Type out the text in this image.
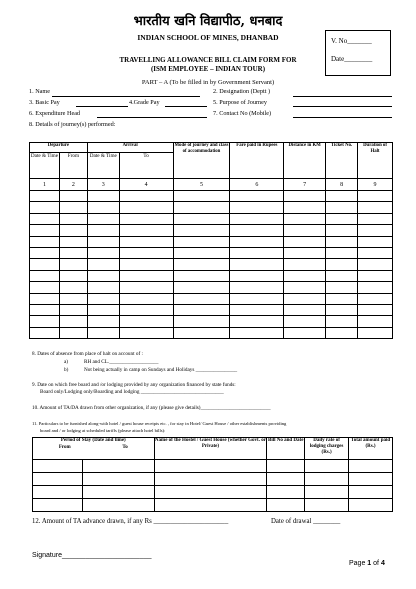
भारतीय खनि विद्यापीठ, धनबाद
INDIAN SCHOOL OF MINES, DHANBAD
TRAVELLING ALLOWANCE BILL CLAIM FORM FOR
(ISM EMPLOYEE – INDIAN TOUR)
V. No_______
Date________
PART – A (To be filled in by Government Servant)
1. Name	2. Designation (Deptt )
3. Basic Pay	4.Grade Pay	5. Purpose of Journey
6. Expenditure Head	7. Contact No (Mobile)
8. Details of journey(s) performed:
Departure		Arrival		Mode of journey and class of accommodation	Fare paid in Rupees	Distance in KM	Ticket No.	Duration of Halt
Date & Time	From	Date & Time	To					
1	2	3	4	5	6	7	8	9

8. Dates of absence from place of halt on account of :
a)	RH and CL.___________________
b)	Not being actually in camp on Sundays and Holidays ________________
9. Date on which free board and /or lodging provided by any organization financed by state funds:
Board only/Lodging only/Boarding and lodging ________________________________
10. Amount of TA/DA drawn from other organization, if any (please give details)___________________________
11. Particulars to be furnished along-with hotel / guest house receipts etc. , for stay in Hotel/ Guest House / other establishments providing
board and / or lodging at scheduled tariffs (please attach hotel bills):
Period of Stay (Date and time)
From To		Name of the Hostel / Guest House (whether Govt. or Private)	Bill No and Date	Daily rate of lodging charges (Rs.)	Total amount paid (Rs.)

12. Amount of TA advance drawn, if any Rs ______________________	Date of drawal ________
Signature_______________________
Page 1 of 4
